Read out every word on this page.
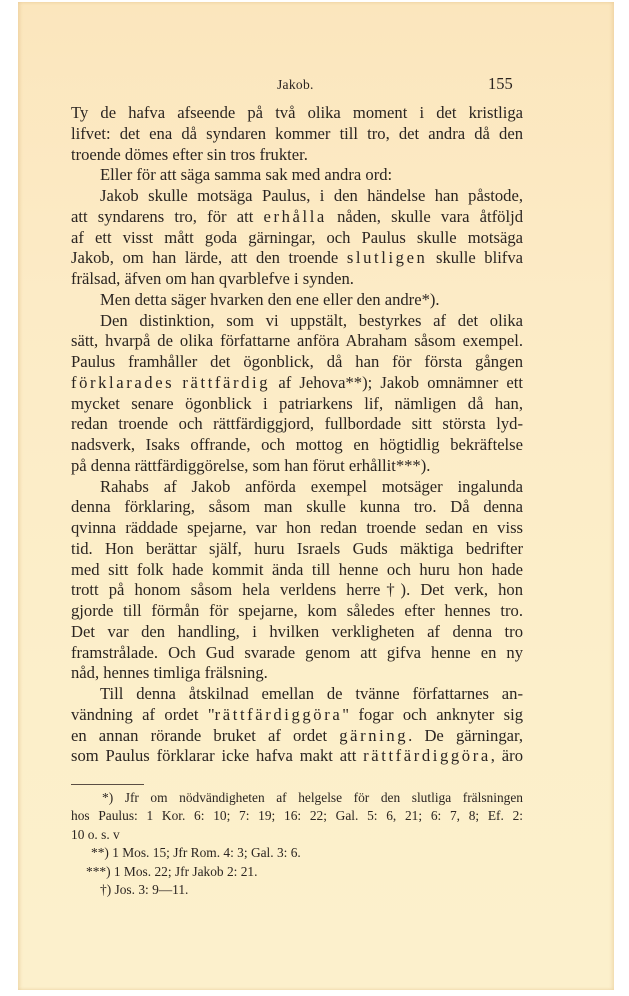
Jakob.	155

Ty de hafva afseende på två olika moment i det kristliga
lifvet: det ena då syndaren kommer till tro, det andra då den
troende dömes efter sin tros frukter.

Eller för att säga samma sak med andra ord:

Jakob skulle motsäga Paulus, i den händelse han påstode,
att syndarens tro, för att erhålla nåden, skulle vara åtföljd
af ett visst mått goda gärningar, och Paulus skulle motsäga
Jakob, om han lärde, att den troende slutligen skulle blifva
frälsad, äfven om han qvarblefve i synden.

Men detta säger hvarken den ene eller den andre*).

Den distinktion, som vi uppstält, bestyrkes af det olika
sätt, hvarpå de olika författarne anföra Abraham såsom exempel.
Paulus framhåller det ögonblick, då han för första gången
förklarades rättfärdig af Jehova**); Jakob omnämner ett
mycket senare ögonblick i patriarkens lif, nämligen då han,
redan troende och rättfärdiggjord, fullbordade sitt största lyd-
nadsverk, Isaks offrande, och mottog en högtidlig bekräftelse
på denna rättfärdiggörelse, som han förut erhållit***).

Rahabs af Jakob anförda exempel motsäger ingalunda
denna förklaring, såsom man skulle kunna tro. Då denna
qvinna räddade spejarne, var hon redan troende sedan en viss
tid. Hon berättar själf, huru Israels Guds mäktiga bedrifter
med sitt folk hade kommit ända till henne och huru hon hade
trott på honom såsom hela verldens herre†). Det verk, hon
gjorde till förmån för spejarne, kom således efter hennes tro.
Det var den handling, i hvilken verkligheten af denna tro
framstrålade. Och Gud svarade genom att gifva henne en ny
nåd, hennes timliga frälsning.

Till denna åtskilnad emellan de tvänne författarnes an-
vändning af ordet "rättfärdiggöra" fogar och anknyter sig
en annan rörande bruket af ordet gärning. De gärningar,
som Paulus förklarar icke hafva makt att rättfärdiggöra, äro

*) Jfr om nödvändigheten af helgelse för den slutliga frälsningen
hos Paulus: 1 Kor. 6: 10; 7: 19; 16: 22; Gal. 5: 6, 21; 6: 7, 8; Ef. 2:
10 o. s. v
**) 1 Mos. 15; Jfr Rom. 4: 3; Gal. 3: 6.
***) 1 Mos. 22; Jfr Jakob 2: 21.
†) Jos. 3: 9—11.
